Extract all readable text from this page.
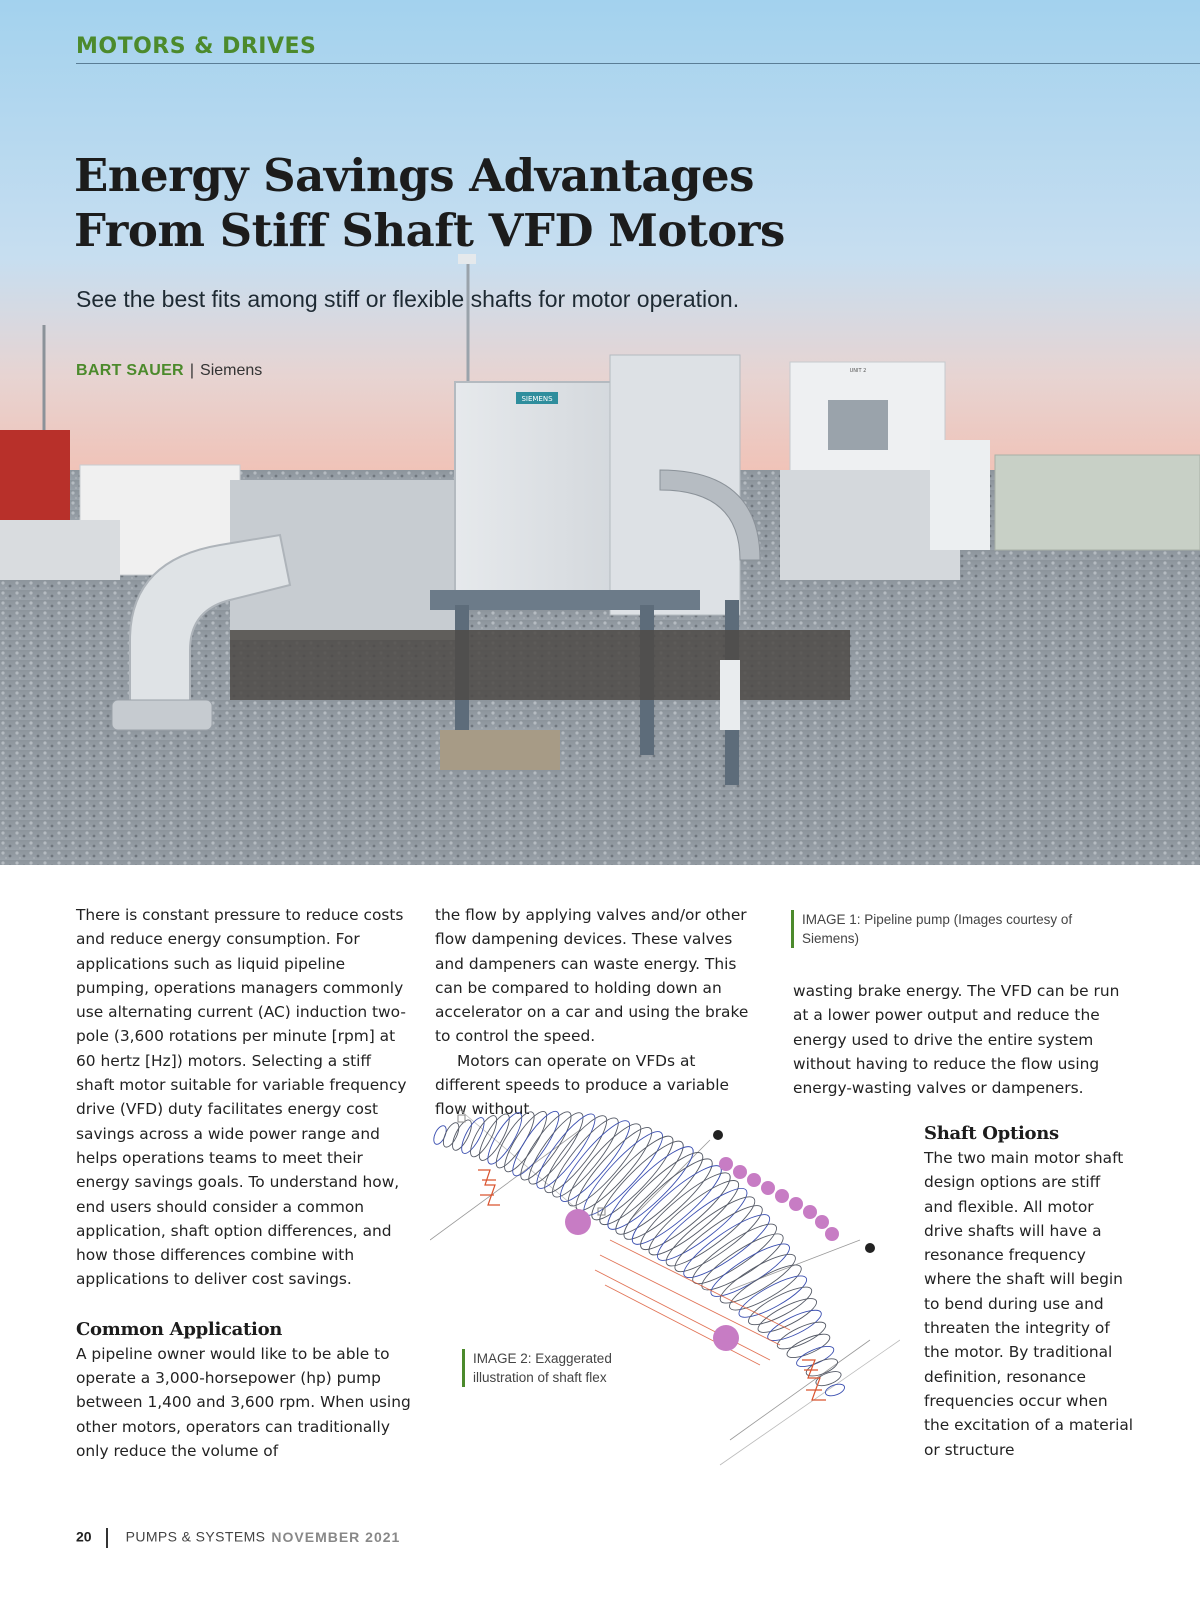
SIEMENS
UNIT 2
MOTORS & DRIVES
Energy Savings Advantages
From Stiff Shaft VFD Motors
See the best fits among stiff or flexible shafts for motor operation.
BART SAUER | Siemens

There is constant pressure to reduce costs and reduce energy consumption. For applications such as liquid pipeline pumping, operations managers commonly use alternating current (AC) induction two-pole (3,600 rotations per minute [rpm] at 60 hertz [Hz]) motors. Selecting a stiff shaft motor suitable for variable frequency drive (VFD) duty facilitates energy cost savings across a wide power range and helps operations teams to meet their energy savings goals. To understand how, end users should consider a common application, shaft option differences, and how those differences combine with applications to deliver cost savings.

Common Application

A pipeline owner would like to be able to operate a 3,000-horsepower (hp) pump between 1,400 and 3,600 rpm. When using other motors, operators can traditionally only reduce the volume of

the flow by applying valves and/or other flow dampening devices. These valves and dampeners can waste energy. This can be compared to holding down an accelerator on a car and using the brake to control the speed.

Motors can operate on VFDs at different speeds to produce a variable flow without

IMAGE 1: Pipeline pump (Images courtesy of Siemens)

wasting brake energy. The VFD can be run at a lower power output and reduce the energy used to drive the entire system without having to reduce the flow using energy-wasting valves or dampeners.

IMAGE 2: Exaggerated illustration of shaft flex
Shaft Options

The two main motor shaft design options are stiff and flexible. All motor drive shafts will have a resonance frequency where the shaft will begin to bend during use and threaten the integrity of the motor. By traditional definition, resonance frequencies occur when the excitation of a material or structure

20 PUMPS & SYSTEMS NOVEMBER 2021
